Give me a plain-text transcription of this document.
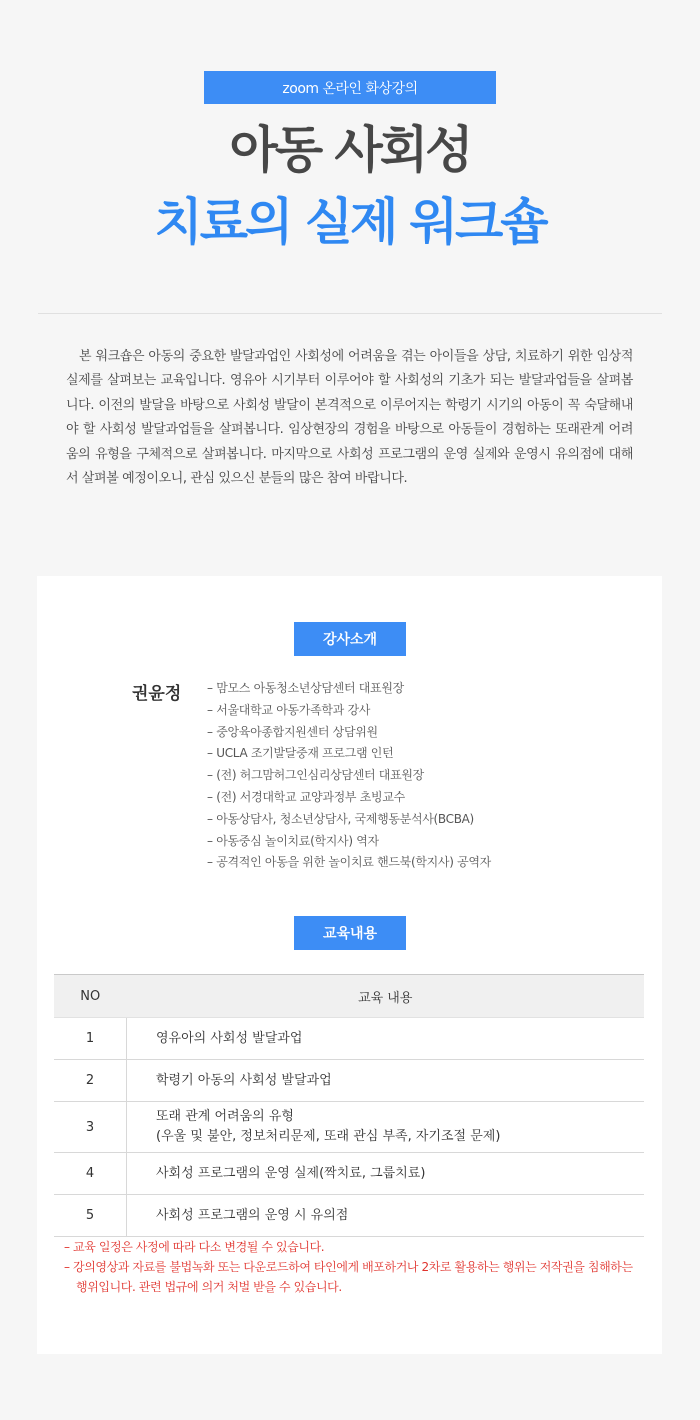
zoom 온라인 화상강의
아동 사회성
치료의 실제 워크숍

본 워크숍은 아동의 중요한 발달과업인 사회성에 어려움을 겪는 아이들을 상담, 치료하기 위한 임상적 실제를 살펴보는 교육입니다. 영유아 시기부터 이루어야 할 사회성의 기초가 되는 발달과업들을 살펴봅니다. 이전의 발달을 바탕으로 사회성 발달이 본격적으로 이루어지는 학령기 시기의 아동이 꼭 숙달해내야 할 사회성 발달과업들을 살펴봅니다. 임상현장의 경험을 바탕으로 아동들이 경험하는 또래관계 어려움의 유형을 구체적으로 살펴봅니다. 마지막으로 사회성 프로그램의 운영 실제와 운영시 유의점에 대해서 살펴볼 예정이오니, 관심 있으신 분들의 많은 참여 바랍니다.

강사소개
권윤정 – 맘모스 아동청소년상담센터 대표원장
– 서울대학교 아동가족학과 강사
– 중앙육아종합지원센터 상담위원
– UCLA 조기발달중재 프로그램 인턴
– (전) 허그맘허그인심리상담센터 대표원장
– (전) 서경대학교 교양과정부 초빙교수
– 아동상담사, 청소년상담사, 국제행동분석사(BCBA)
– 아동중심 놀이치료(학지사) 역자
– 공격적인 아동을 위한 놀이치료 핸드북(학지사) 공역자
교육내용
NO	교육 내용
1	영유아의 사회성 발달과업
2	학령기 아동의 사회성 발달과업
3	또래 관계 어려움의 유형
(우울 및 불안, 정보처리문제, 또래 관심 부족, 자기조절 문제)

4	사회성 프로그램의 운영 실제(짝치료, 그룹치료)
5	사회성 프로그램의 운영 시 유의점
– 교육 일정은 사정에 따라 다소 변경될 수 있습니다.
– 강의영상과 자료를 불법녹화 또는 다운로드하여 타인에게 배포하거나 2차로 활용하는 행위는 저작권을 침해하는 행위입니다. 관련 법규에 의거 처벌 받을 수 있습니다.
